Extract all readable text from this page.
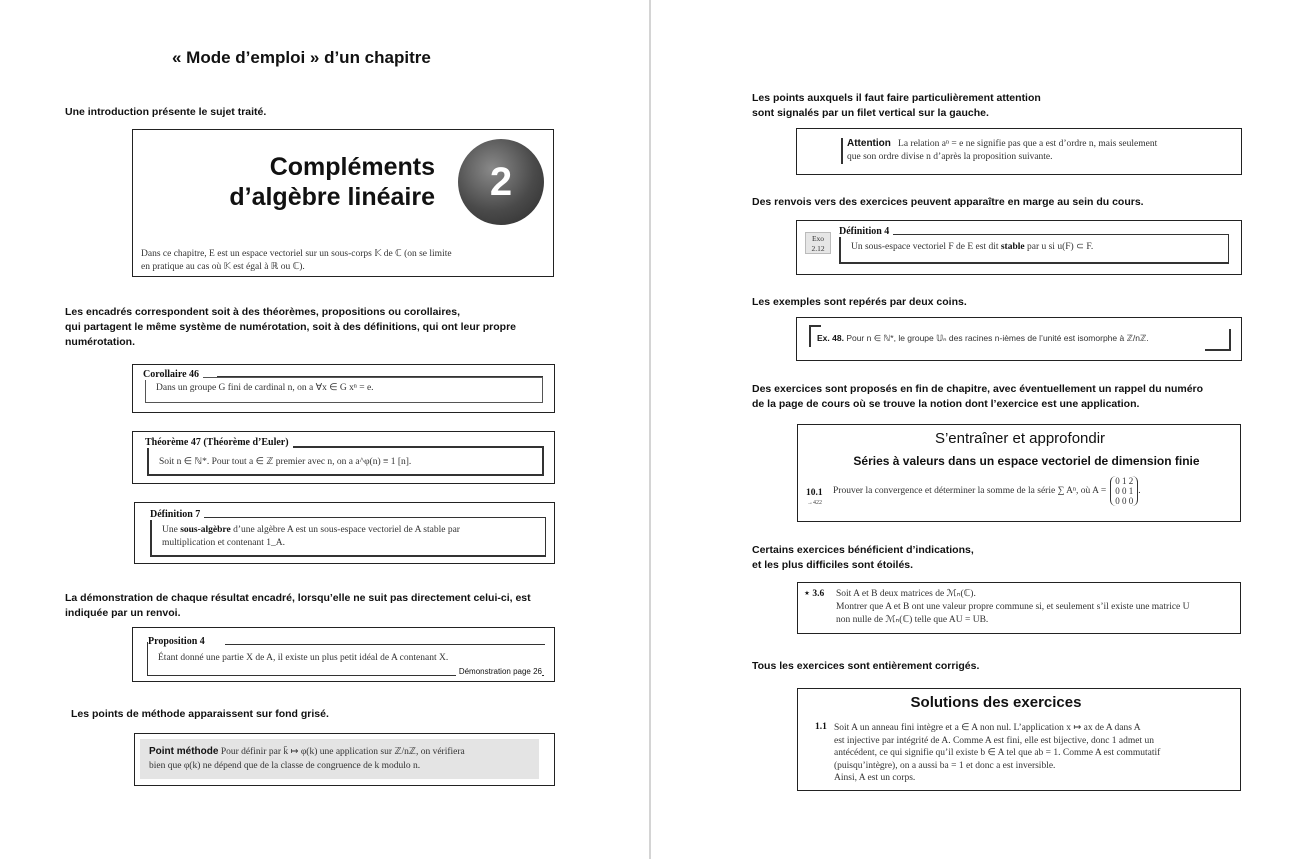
« Mode d’emploi » d’un chapitre
Une introduction présente le sujet traité.
Compléments
d’algèbre linéaire	2
Dans ce chapitre, E est un espace vectoriel sur un sous-corps 𝕂 de ℂ (on se limite
en pratique au cas où 𝕂 est égal à ℝ ou ℂ).
Les encadrés correspondent soit à des théorèmes, propositions ou corollaires,
qui partagent le même système de numérotation, soit à des définitions, qui ont leur propre
numérotation.
Dans un groupe G fini de cardinal n, on a ∀x ∈ G xⁿ = e.
Corollaire 46
Soit n ∈ ℕ*. Pour tout a ∈ ℤ premier avec n, on a a^φ(n) ≡ 1 [n].
Théorème 47 (Théorème d’Euler)
Une sous-algèbre d’une algèbre A est un sous-espace vectoriel de A stable par
multiplication et contenant 1_A.
Définition 7
La démonstration de chaque résultat encadré, lorsqu’elle ne suit pas directement celui-ci, est
indiquée par un renvoi.
Étant donné une partie X de A, il existe un plus petit idéal de A contenant X.
Proposition 4
Démonstration page 26
Les points de méthode apparaissent sur fond grisé.
Point méthode Pour définir par k̄ ↦ φ(k) une application sur ℤ/nℤ, on vérifiera
bien que φ(k) ne dépend que de la classe de congruence de k modulo n.
Les points auxquels il faut faire particulièrement attention
sont signalés par un filet vertical sur la gauche.
Attention La relation aⁿ = e ne signifie pas que a est d’ordre n, mais seulement
que son ordre divise n d’après la proposition suivante.
Des renvois vers des exercices peuvent apparaître en marge au sein du cours.
Exo
2.12	Un sous-espace vectoriel F de E est dit stable par u si u(F) ⊂ F.
Définition 4
Les exemples sont repérés par deux coins.
Ex. 48. Pour n ∈ ℕ*, le groupe 𝕌ₙ des racines n-ièmes de l’unité est isomorphe à ℤ/nℤ.
Des exercices sont proposés en fin de chapitre, avec éventuellement un rappel du numéro
de la page de cours où se trouve la notion dont l’exercice est une application.
S’entraîner et approfondir
Séries à valeurs dans un espace vectoriel de dimension finie
10.1
→422
Prouver la convergence et déterminer la somme de la série ∑ Aⁿ, où A =
0 1 2
0 0 1
0 0 0
.
Certains exercices bénéficient d’indications,
et les plus difficiles sont étoilés.
⋆ 3.6 Soit A et B deux matrices de ℳₙ(ℂ).
Montrer que A et B ont une valeur propre commune si, et seulement s’il existe une matrice U
non nulle de ℳₙ(ℂ) telle que AU = UB.
Tous les exercices sont entièrement corrigés.
Solutions des exercices
1.1 Soit A un anneau fini intègre et a ∈ A non nul. L’application x ↦ ax de A dans A
est injective par intégrité de A. Comme A est fini, elle est bijective, donc 1 admet un
antécédent, ce qui signifie qu’il existe b ∈ A tel que ab = 1. Comme A est commutatif
(puisqu’intègre), on a aussi ba = 1 et donc a est inversible.
Ainsi, A est un corps.
